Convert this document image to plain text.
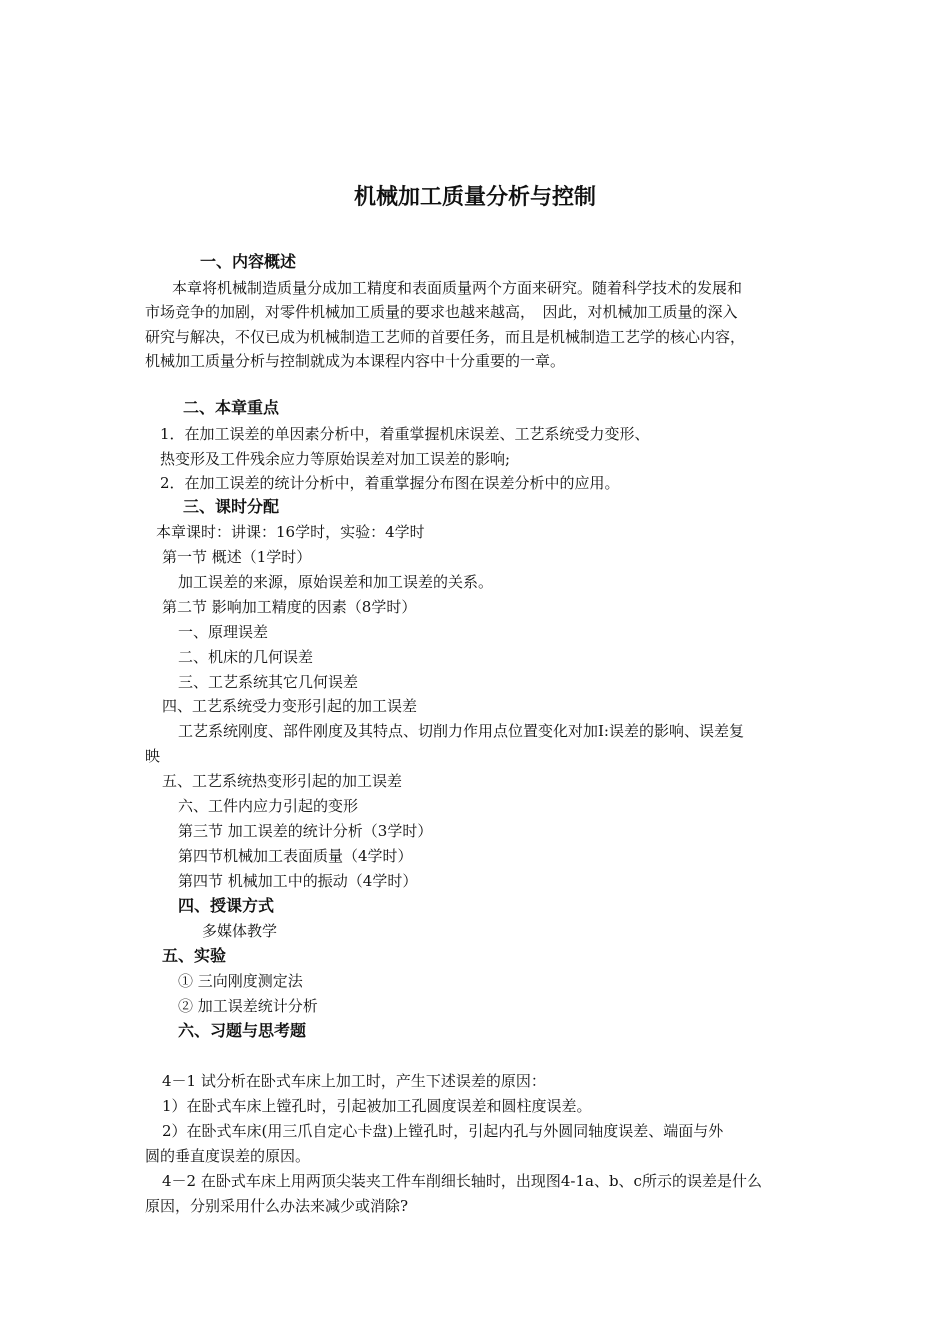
机械加工质量分析与控制
一、内容概述
本章将机械制造质量分成加工精度和表面质量两个方面来研究。随着科学技术的发展和
市场竞争的加剧，对零件机械加工质量的要求也越来越高，　因此，对机械加工质量的深入
研究与解决，不仅已成为机械制造工艺师的首要任务，而且是机械制造工艺学的核心内容，
机械加工质量分析与控制就成为本课程内容中十分重要的一章。
二、本章重点
1．在加工误差的单因素分析中，着重掌握机床误差、工艺系统受力变形、
热变形及工件残余应力等原始误差对加工误差的影响;
2．在加工误差的统计分析中，着重掌握分布图在误差分析中的应用。
三、课时分配
本章课时：讲课：16学时，实验：4学时
第一节 概述（1学时）
加工误差的来源，原始误差和加工误差的关系。
第二节 影响加工精度的因素（8学时）
一、原理误差
二、机床的几何误差
三、工艺系统其它几何误差
四、工艺系统受力变形引起的加工误差
工艺系统刚度、部件刚度及其特点、切削力作用点位置变化对加I:误差的影响、误差复
映
五、工艺系统热变形引起的加工误差
六、工件内应力引起的变形
第三节 加工误差的统计分析（3学时）
第四节机械加工表面质量（4学时）
第四节 机械加工中的振动（4学时）
四、授课方式
多媒体教学
五、实验
① 三向刚度测定法
② 加工误差统计分析
六、习题与思考题
4－1 试分析在卧式车床上加工时，产生下述误差的原因：
1）在卧式车床上镗孔时，引起被加工孔圆度误差和圆柱度误差。
2）在卧式车床(用三爪自定心卡盘)上镗孔时，引起内孔与外圆同轴度误差、端面与外
圆的垂直度误差的原因。
4－2 在卧式车床上用两顶尖装夹工件车削细长轴时，出现图4-1a、b、c所示的误差是什么
原因，分别采用什么办法来减少或消除?
